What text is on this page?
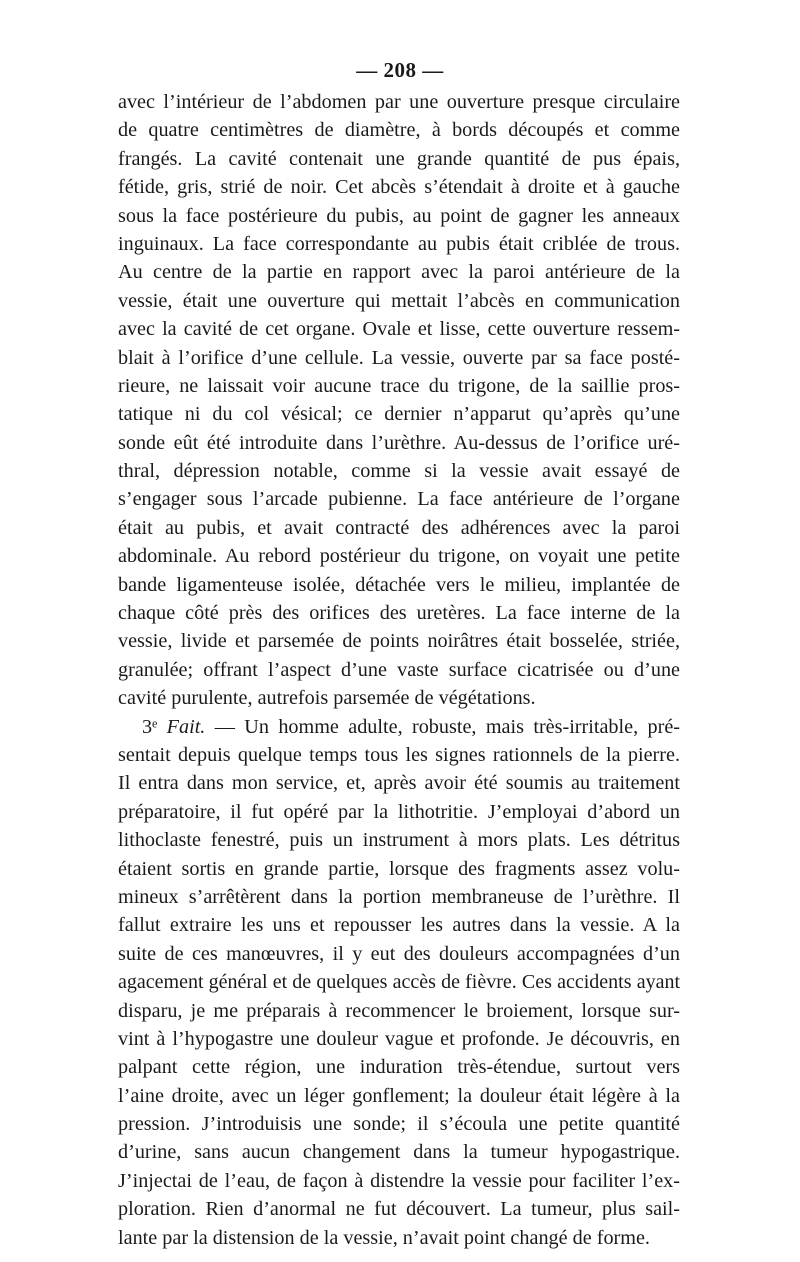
— 208 —
avec l’intérieur de l’abdomen par une ouverture presque circulaire
de quatre centimètres de diamètre, à bords découpés et comme
frangés. La cavité contenait une grande quantité de pus épais,
fétide, gris, strié de noir. Cet abcès s’étendait à droite et à gauche
sous la face postérieure du pubis, au point de gagner les anneaux
inguinaux. La face correspondante au pubis était criblée de trous.
Au centre de la partie en rapport avec la paroi antérieure de la
vessie, était une ouverture qui mettait l’abcès en communication
avec la cavité de cet organe. Ovale et lisse, cette ouverture ressem-
blait à l’orifice d’une cellule. La vessie, ouverte par sa face posté-
rieure, ne laissait voir aucune trace du trigone, de la saillie pros-
tatique ni du col vésical; ce dernier n’apparut qu’après qu’une
sonde eût été introduite dans l’urèthre. Au-dessus de l’orifice uré-
thral, dépression notable, comme si la vessie avait essayé de
s’engager sous l’arcade pubienne. La face antérieure de l’organe
était au pubis, et avait contracté des adhérences avec la paroi
abdominale. Au rebord postérieur du trigone, on voyait une petite
bande ligamenteuse isolée, détachée vers le milieu, implantée de
chaque côté près des orifices des uretères. La face interne de la
vessie, livide et parsemée de points noirâtres était bosselée, striée,
granulée; offrant l’aspect d’une vaste surface cicatrisée ou d’une
cavité purulente, autrefois parsemée de végétations.
3ᵉ Fait. — Un homme adulte, robuste, mais très-irritable, pré-
sentait depuis quelque temps tous les signes rationnels de la pierre.
Il entra dans mon service, et, après avoir été soumis au traitement
préparatoire, il fut opéré par la lithotritie. J’employai d’abord un
lithoclaste fenestré, puis un instrument à mors plats. Les détritus
étaient sortis en grande partie, lorsque des fragments assez volu-
mineux s’arrêtèrent dans la portion membraneuse de l’urèthre. Il
fallut extraire les uns et repousser les autres dans la vessie. A la
suite de ces manœuvres, il y eut des douleurs accompagnées d’un
agacement général et de quelques accès de fièvre. Ces accidents ayant
disparu, je me préparais à recommencer le broiement, lorsque sur-
vint à l’hypogastre une douleur vague et profonde. Je découvris, en
palpant cette région, une induration très-étendue, surtout vers
l’aine droite, avec un léger gonflement; la douleur était légère à la
pression. J’introduisis une sonde; il s’écoula une petite quantité
d’urine, sans aucun changement dans la tumeur hypogastrique.
J’injectai de l’eau, de façon à distendre la vessie pour faciliter l’ex-
ploration. Rien d’anormal ne fut découvert. La tumeur, plus sail-
lante par la distension de la vessie, n’avait point changé de forme.
